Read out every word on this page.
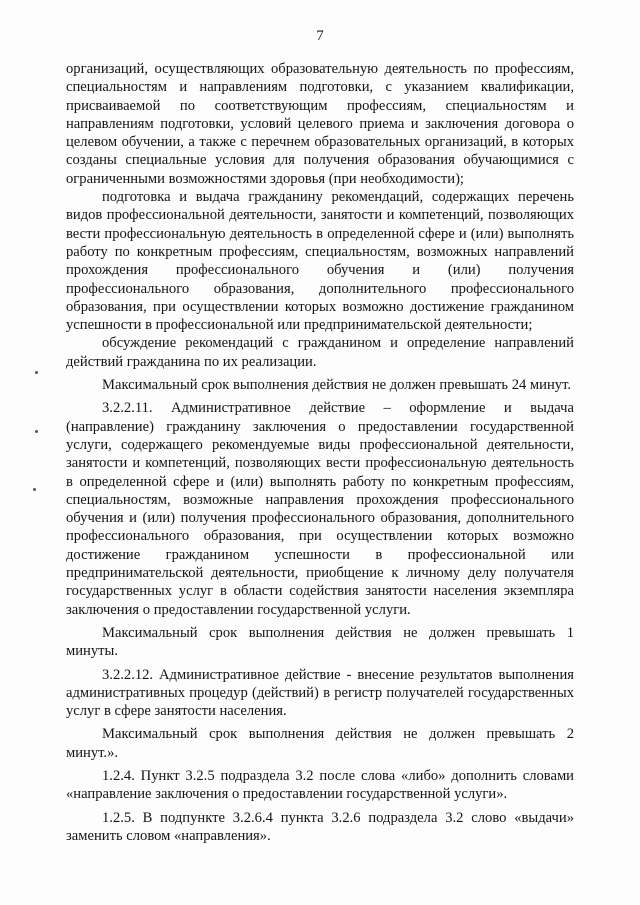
7

организаций, осуществляющих образовательную деятельность по профессиям, специальностям и направлениям подготовки, с указанием квалификации, присваиваемой по соответствующим профессиям, специальностям и направлениям подготовки, условий целевого приема и заключения договора о целевом обучении, а также с перечнем образовательных организаций, в которых созданы специальные условия для получения образования обучающимися с ограниченными возможностями здоровья (при необходимости);

подготовка и выдача гражданину рекомендаций, содержащих перечень видов профессиональной деятельности, занятости и компетенций, позволяющих вести профессиональную деятельность в определенной сфере и (или) выполнять работу по конкретным профессиям, специальностям, возможных направлений прохождения профессионального обучения и (или) получения профессионального образования, дополнительного профессионального образования, при осуществлении которых возможно достижение гражданином успешности в профессиональной или предпринимательской деятельности;

обсуждение рекомендаций с гражданином и определение направлений действий гражданина по их реализации.

Максимальный срок выполнения действия не должен превышать 24 минут.

3.2.2.11. Административное действие – оформление и выдача (направление) гражданину заключения о предоставлении государственной услуги, содержащего рекомендуемые виды профессиональной деятельности, занятости и компетенций, позволяющих вести профессиональную деятельность в определенной сфере и (или) выполнять работу по конкретным профессиям, специальностям, возможные направления прохождения профессионального обучения и (или) получения профессионального образования, дополнительного профессионального образования, при осуществлении которых возможно достижение гражданином успешности в профессиональной или предпринимательской деятельности, приобщение к личному делу получателя государственных услуг в области содействия занятости населения экземпляра заключения о предоставлении государственной услуги.

Максимальный срок выполнения действия не должен превышать 1 минуты.

3.2.2.12. Административное действие - внесение результатов выполнения административных процедур (действий) в регистр получателей государственных услуг в сфере занятости населения.

Максимальный срок выполнения действия не должен превышать 2 минут.».

1.2.4. Пункт 3.2.5 подраздела 3.2 после слова «либо» дополнить словами «направление заключения о предоставлении государственной услуги».

1.2.5. В подпункте 3.2.6.4 пункта 3.2.6 подраздела 3.2 слово «выдачи» заменить словом «направления».
